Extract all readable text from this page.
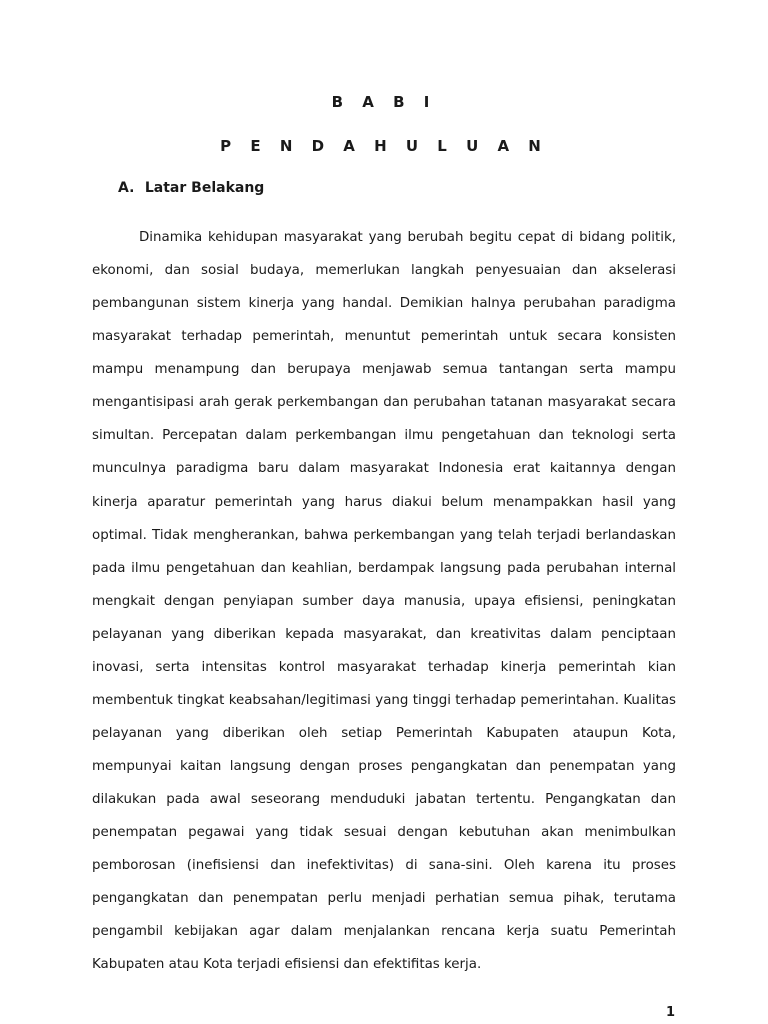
B A B I
P E N D A H U L U A N
A. Latar Belakang

Dinamika kehidupan masyarakat yang berubah begitu cepat di bidang politik, ekonomi, dan sosial budaya, memerlukan langkah penyesuaian dan akselerasi pembangunan sistem kinerja yang handal. Demikian halnya perubahan paradigma masyarakat terhadap pemerintah, menuntut pemerintah untuk secara konsisten mampu menampung dan berupaya menjawab semua tantangan serta mampu mengantisipasi arah gerak perkembangan dan perubahan tatanan masyarakat secara simultan. Percepatan dalam perkembangan ilmu pengetahuan dan teknologi serta munculnya paradigma baru dalam masyarakat Indonesia erat kaitannya dengan kinerja aparatur pemerintah yang harus diakui belum menampakkan hasil yang optimal. Tidak mengherankan, bahwa perkembangan yang telah terjadi berlandaskan pada ilmu pengetahuan dan keahlian, berdampak langsung pada perubahan internal mengkait dengan penyiapan sumber daya manusia, upaya efisiensi, peningkatan pelayanan yang diberikan kepada masyarakat, dan kreativitas dalam penciptaan inovasi, serta intensitas kontrol masyarakat terhadap kinerja pemerintah kian membentuk tingkat keabsahan/legitimasi yang tinggi terhadap pemerintahan. Kualitas pelayanan yang diberikan oleh setiap Pemerintah Kabupaten ataupun Kota, mempunyai kaitan langsung dengan proses pengangkatan dan penempatan yang dilakukan pada awal seseorang menduduki jabatan tertentu. Pengangkatan dan penempatan pegawai yang tidak sesuai dengan kebutuhan akan menimbulkan pemborosan (inefisiensi dan inefektivitas) di sana-sini. Oleh karena itu proses pengangkatan dan penempatan perlu menjadi perhatian semua pihak, terutama pengambil kebijakan agar dalam menjalankan rencana kerja suatu Pemerintah Kabupaten atau Kota terjadi efisiensi dan efektifitas kerja.

1
